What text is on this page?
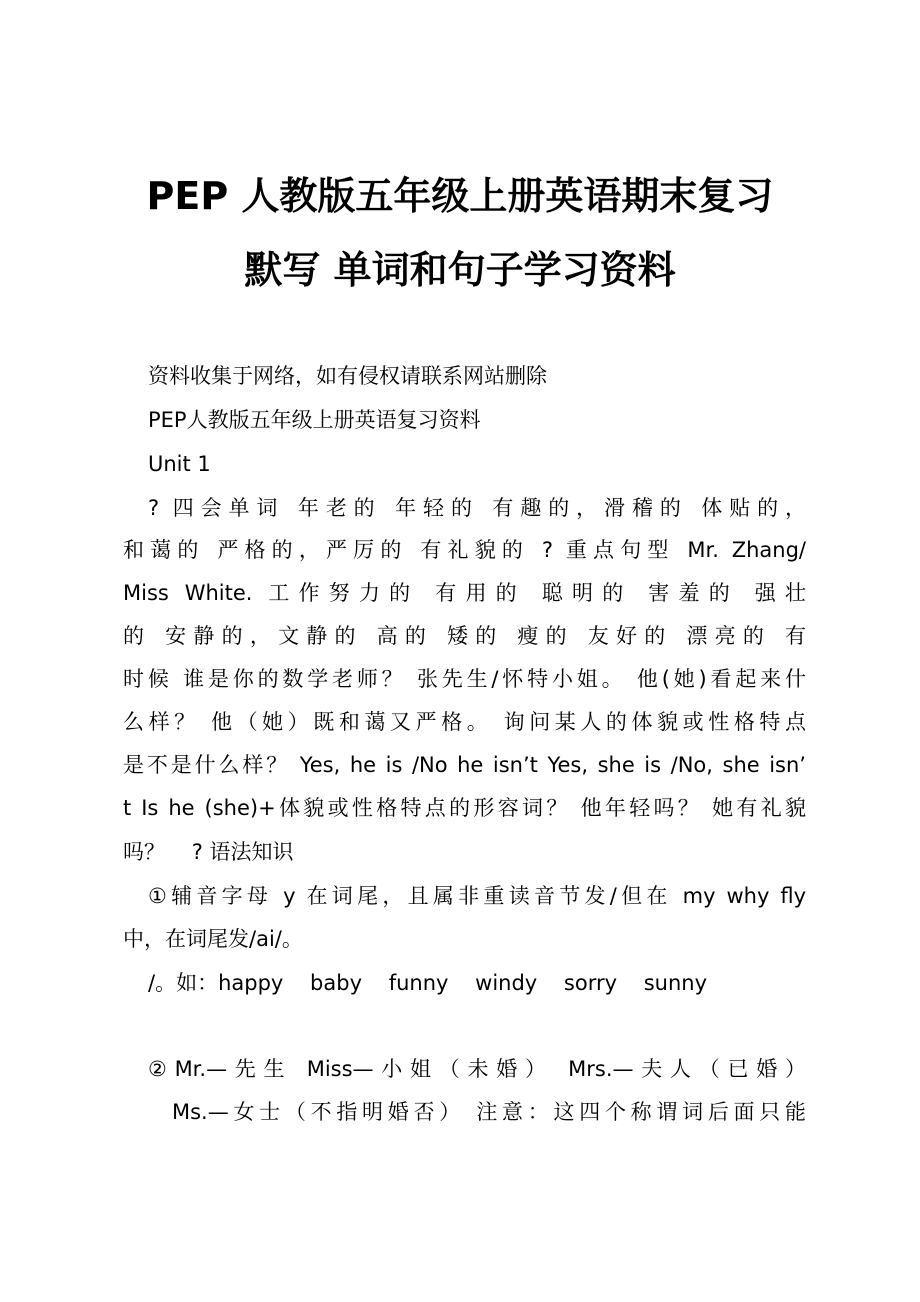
PEP 人教版五年级上册英语期末复习
默写 单词和句子学习资料
资料收集于网络，如有侵权请联系网站删除
PEP人教版五年级上册英语复习资料
Unit 1
? 四会单词 年老的 年轻的 有趣的，滑稽的 体贴的，
和蔼的 严格的，严厉的 有礼貌的 ? 重点句型 Mr. Zhang/
Miss White. 工作努力的 有用的 聪明的 害羞的 强壮
的 安静的，文静的 高的 矮的 瘦的 友好的 漂亮的 有
时候 谁是你的数学老师？ 张先生/怀特小姐。 他(她)看起来什
么样？ 他（她）既和蔼又严格。 询问某人的体貌或性格特点
是不是什么样？ Yes, he is /No he isn’t Yes, she is /No, she isn’
t Is he (she)+体貌或性格特点的形容词？ 他年轻吗？ 她有礼貌
吗？    ? 语法知识
①辅音字母 y 在词尾，且属非重读音节发/但在 my why fly
中，在词尾发/ai/。
/。如：happy    baby    funny    windy    sorry    sunny
②Mr.—先生 Miss—小姐（未婚） Mrs.—夫人（已婚）
Ms.—女士（不指明婚否） 注意：这四个称谓词后面只能
